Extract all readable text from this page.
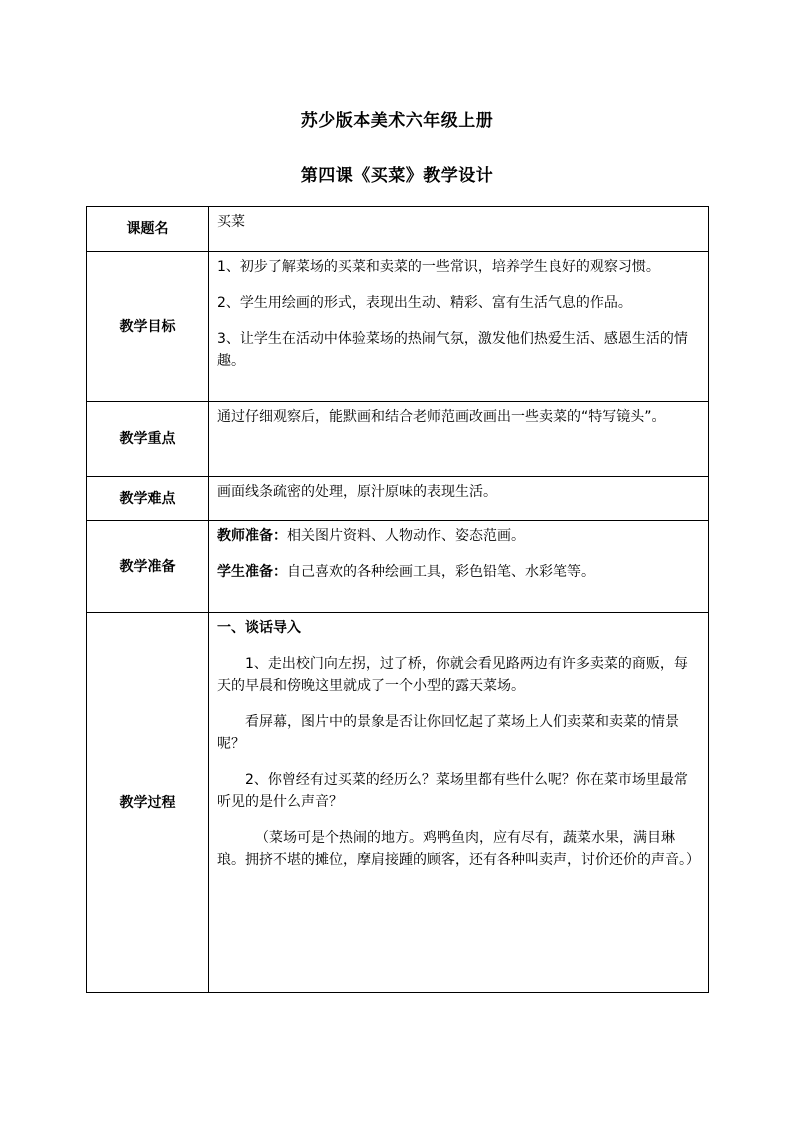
苏少版本美术六年级上册
第四课《买菜》教学设计
课题名	买菜

教学目标	1、初步了解菜场的买菜和卖菜的一些常识，培养学生良好的观察习惯。

2、学生用绘画的形式，表现出生动、精彩、富有生活气息的作品。

3、让学生在活动中体验菜场的热闹气氛，激发他们热爱生活、感恩生活的情趣。

教学重点	通过仔细观察后，能默画和结合老师范画改画出一些卖菜的“特写镜头”。

教学难点	画面线条疏密的处理，原汁原味的表现生活。

教学准备	教师准备：相关图片资料、人物动作、姿态范画。

学生准备：自己喜欢的各种绘画工具，彩色铅笔、水彩笔等。

教学过程	一、谈话导入

1、走出校门向左拐，过了桥，你就会看见路两边有许多卖菜的商贩，每天的早晨和傍晚这里就成了一个小型的露天菜场。

看屏幕，图片中的景象是否让你回忆起了菜场上人们卖菜和卖菜的情景呢？

2、你曾经有过买菜的经历么？菜场里都有些什么呢？你在菜市场里最常听见的是什么声音？

（菜场可是个热闹的地方。鸡鸭鱼肉，应有尽有，蔬菜水果，满目琳琅。拥挤不堪的摊位，摩肩接踵的顾客，还有各种叫卖声，讨价还价的声音。）
